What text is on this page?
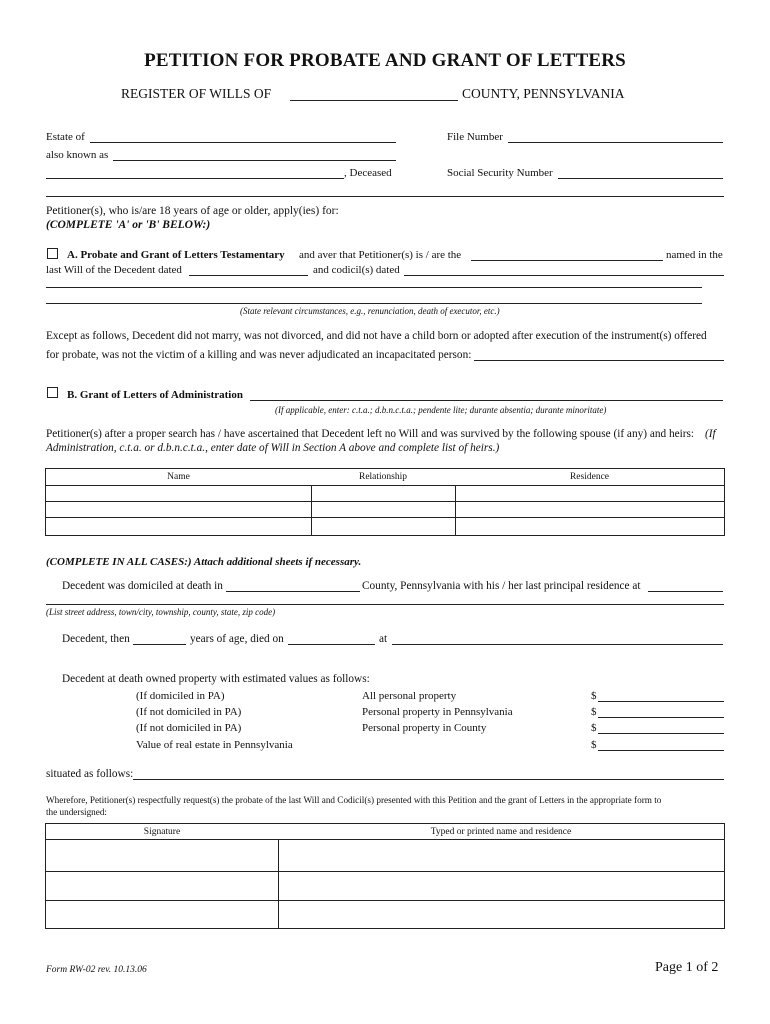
PETITION FOR PROBATE AND GRANT OF LETTERS
REGISTER OF WILLS OF	COUNTY, PENNSYLVANIA
Estate of	File Number
also known as
, Deceased	Social Security Number
Petitioner(s), who is/are 18 years of age or older, apply(ies) for:
(COMPLETE 'A' or 'B' BELOW:)
A. Probate and Grant of Letters Testamentary and aver that Petitioner(s) is / are the	named in the
last Will of the Decedent dated	and codicil(s) dated
(State relevant circumstances, e.g., renunciation, death of executor, etc.)
Except as follows, Decedent did not marry, was not divorced, and did not have a child born or adopted after execution of the instrument(s) offered
for probate, was not the victim of a killing and was never adjudicated an incapacitated person:
B. Grant of Letters of Administration
(If applicable, enter: c.t.a.; d.b.n.c.t.a.; pendente lite; durante absentia; durante minoritate)
Petitioner(s) after a proper search has / have ascertained that Decedent left no Will and was survived by the following spouse (if any) and heirs: (If
Administration, c.t.a. or d.b.n.c.t.a., enter date of Will in Section A above and complete list of heirs.)
Name	Relationship	Residence
(COMPLETE IN ALL CASES:) Attach additional sheets if necessary.
Decedent was domiciled at death in	County, Pennsylvania with his / her last principal residence at
(List street address, town/city, township, county, state, zip code)
Decedent, then	years of age, died on	at
Decedent at death owned property with estimated values as follows:
(If domiciled in PA)	All personal property	$
(If not domiciled in PA)	Personal property in Pennsylvania	$
(If not domiciled in PA)	Personal property in County	$
Value of real estate in Pennsylvania	$
situated as follows:
Wherefore, Petitioner(s) respectfully request(s) the probate of the last Will and Codicil(s) presented with this Petition and the grant of Letters in the appropriate form to
the undersigned:
Signature	Typed or printed name and residence
Form RW-02 rev. 10.13.06	Page 1 of 2
